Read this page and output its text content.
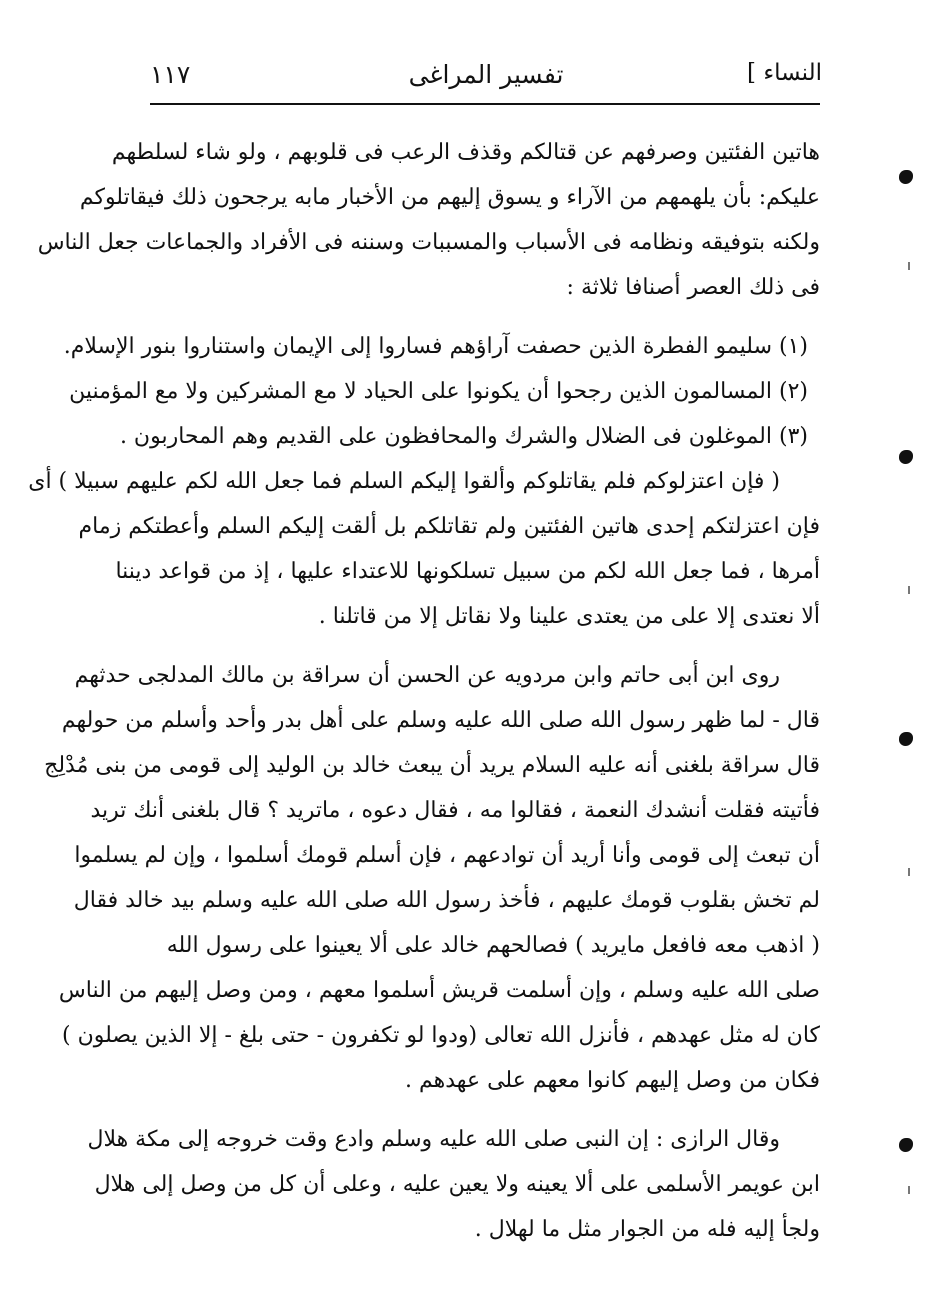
النساء ]
تفسير المراغى
١١٧
هاتين الفئتين وصرفهم عن قتالكم وقذف الرعب فى قلوبهم ، ولو شاء لسلطهم
عليكم: بأن يلهمهم من الآراء و يسوق إليهم من الأخبار مابه يرجحون ذلك فيقاتلوكم
ولكنه بتوفيقه ونظامه فى الأسباب والمسببات وسننه فى الأفراد والجماعات جعل الناس
فى ذلك العصر أصنافا ثلاثة :
(١) سليمو الفطرة الذين حصفت آراؤهم فساروا إلى الإيمان واستناروا بنور الإسلام.
(٢) المسالمون الذين رجحوا أن يكونوا على الحياد لا مع المشركين ولا مع المؤمنين
(٣) الموغلون فى الضلال والشرك والمحافظون على القديم وهم المحاربون .
( فإن اعتزلوكم فلم يقاتلوكم وألقوا إليكم السلم فما جعل الله لكم عليهم سبيلا ) أى
فإن اعتزلتكم إحدى هاتين الفئتين ولم تقاتلكم بل ألقت إليكم السلم وأعطتكم زمام
أمرها ، فما جعل الله لكم من سبيل تسلكونها للاعتداء عليها ، إذ من قواعد ديننا
ألا نعتدى إلا على من يعتدى علينا ولا نقاتل إلا من قاتلنا .
روى ابن أبى حاتم وابن مردويه عن الحسن أن سراقة بن مالك المدلجى حدثهم
قال - لما ظهر رسول الله صلى الله عليه وسلم على أهل بدر وأحد وأسلم من حولهم
قال سراقة بلغنى أنه عليه السلام يريد أن يبعث خالد بن الوليد إلى قومى من بنى مُدْلِج
فأتيته فقلت أنشدك النعمة ، فقالوا مه ، فقال دعوه ، ماتريد ؟ قال بلغنى أنك تريد
أن تبعث إلى قومى وأنا أريد أن توادعهم ، فإن أسلم قومك أسلموا ، وإن لم يسلموا
لم تخش بقلوب قومك عليهم ، فأخذ رسول الله صلى الله عليه وسلم بيد خالد فقال
( اذهب معه فافعل مايريد ) فصالحهم خالد على ألا يعينوا على رسول الله
صلى الله عليه وسلم ، وإن أسلمت قريش أسلموا معهم ، ومن وصل إليهم من الناس
كان له مثل عهدهم ، فأنزل الله تعالى (ودوا لو تكفرون - حتى بلغ - إلا الذين يصلون )
فكان من وصل إليهم كانوا معهم على عهدهم .
وقال الرازى : إن النبى صلى الله عليه وسلم وادع وقت خروجه إلى مكة هلال
ابن عويمر الأسلمى على ألا يعينه ولا يعين عليه ، وعلى أن كل من وصل إلى هلال
ولجأ إليه فله من الجوار مثل ما لهلال .
